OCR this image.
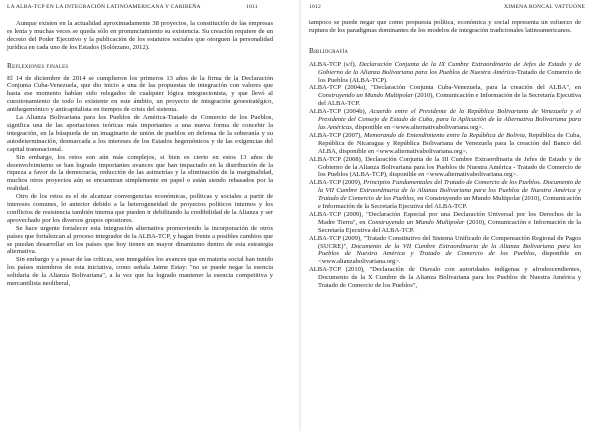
LA ALBA-TCP EN LA INTEGRACIÓN LATINOAMERICANA Y CARIBEÑA	1011

Aunque existen en la actualidad aproximadamente 38 proyectos, la constitución de las empresas es lenta y muchas veces se queda sólo en pronunciamiento su existencia. Su creación requiere de un decreto del Poder Ejecutivo y la publicación de los estatutos sociales que otorguen la personalidad jurídica en cada uno de los Estados (Solórzano, 2012).

Reflexiones finales

El 14 de diciembre de 2014 se cumplieron los primeros 13 años de la firma de la Declaración Conjunta Cuba-Venezuela, que dio inicio a una de las propuestas de integración con valores que hasta ese momento habían sido relegados de cualquier lógica integracionista, y que llevó al cuestionamiento de todo lo existente en este ámbito, un proyecto de integración geoestratégico, antihegemónico y anticapitalista en tiempos de crisis del sistema.

La Alianza Bolivariana para los Pueblos de América-Tratado de Comercio de los Pueblos, significa una de las aportaciones teóricas más importantes a una nueva forma de concebir la integración, en la búsqueda de un imaginario de unión de pueblos en defensa de la soberanía y su autodeterminación, desmarcada a los intereses de los Estados hegemónicos y de las exigencias del capital transnacional.

Sin embargo, los retos son aún más complejos, si bien es cierto en estos 13 años de desenvolvimiento se han logrado importantes avances que han impactado en la distribución de la riqueza a favor de la democracia, reducción de las asimetrías y la eliminación de la marginalidad, muchos otros proyectos aún se encuentran simplemente en papel o están siendo rebasados por la realidad.

Otro de los retos es el de alcanzar convergencias económicas, políticas y sociales a partir de intereses comunes, lo anterior debido a la heterogeneidad de proyectos políticos internos y los conflictos de resistencia también interna que pueden ir debilitando la credibilidad de la Alianza y ser aprovechado por los diversos grupos opositores.

Se hace urgente fortalecer esta integración alternativa promoviendo la incorporación de otros países que fortalezcan al proceso integrador de la ALBA-TCP, y hagan frente a posibles cambios que se puedan desarrollar en los países que hoy tienen un mayor dinamismo dentro de esta estrategia alternativa.

Sin embargo y a pesar de las críticas, son innegables los avances que en materia social han tenido los países miembros de esta iniciativa, como señala Jaime Estay: "no se puede negar la esencia solidaria de la Alianza Bolivariana", a la vez que ha logrado mantener la esencia competitiva y mercantilista neoliberal,

1012	XIMENA RONCAL VATTUONE

tampoco se puede negar que como propuesta política, económica y social representa un esfuerzo de ruptura de los paradigmas dominantes de los modelos de integración tradicionales latinoamericanos.

Bibliografía
ALBA-TCP (s/f), Declaración Conjunta de la IX Cumbre Extraordinaria de Jefes de Estado y de Gobierno de la Alianza Bolivariana para los Pueblos de Nuestra América-Tratado de Comercio de los Pueblos (ALBA-TCP).
ALBA-TCP (2004a), "Declaración Conjunta Cuba-Venezuela, para la creación del ALBA", en Construyendo un Mundo Multipolar (2010), Comunicación e Información de la Secretaría Ejecutiva del ALBA-TCP.
ALBA-TCP (2004b), Acuerdo entre el Presidente de la República Bolivariana de Venezuela y el Presidente del Consejo de Estado de Cuba, para la Aplicación de la Alternativa Bolivariana para las Américas, disponible en <www.alternativabolivariana.org>.
ALBA-TCP (2007), Memorando de Entendimiento entre la República de Bolivia, República de Cuba, República de Nicaragua y República Bolivariana de Venezuela para la creación del Banco del ALBA, disponible en <www.alternativabolivariana.org>.
ALBA-TCP (2008), Declaración Conjunta de la III Cumbre Extraordinaria de Jefes de Estado y de Gobierno de la Alianza Bolivariana para los Pueblos de Nuestra América - Tratado de Comercio de los Pueblos (ALBA-TCP), disponible en <www.alternativabolivariana.org>.
ALBA-TCP (2009), Principios Fundamentales del Tratado de Comercio de los Pueblos. Documento de la VII Cumbre Extraordinaria de la Alianza Bolivariana para los Pueblos de Nuestra América y Tratado de Comercio de los Pueblos, en Construyendo un Mundo Multipolar (2010), Comunicación e Información de la Secretaría Ejecutiva del ALBA-TCP.
ALBA-TCP (2009), "Declaración Especial por una Declaración Universal por los Derechos de la Madre Tierra", en Construyendo un Mundo Multipolar (2010), Comunicación e Información de la Secretaría Ejecutiva del ALBA-TCP.
ALBA-TCP (2009), "Tratado Constitutivo del Sistema Unificado de Compensación Regional de Pagos (SUCRE)", Documento de la VII Cumbre Extraordinaria de la Alianza Bolivariana para los Pueblos de Nuestra América y Tratado de Comercio de los Pueblos, disponible en <www.alianzabolivariana.org>.
ALBA-TCP (2010), "Declaración de Otavalo con autoridades indígenas y afrodescendientes, Documento de la X Cumbre de la Alianza Bolivariana para los Pueblos de Nuestra América y Tratado de Comercio de los Pueblos",
